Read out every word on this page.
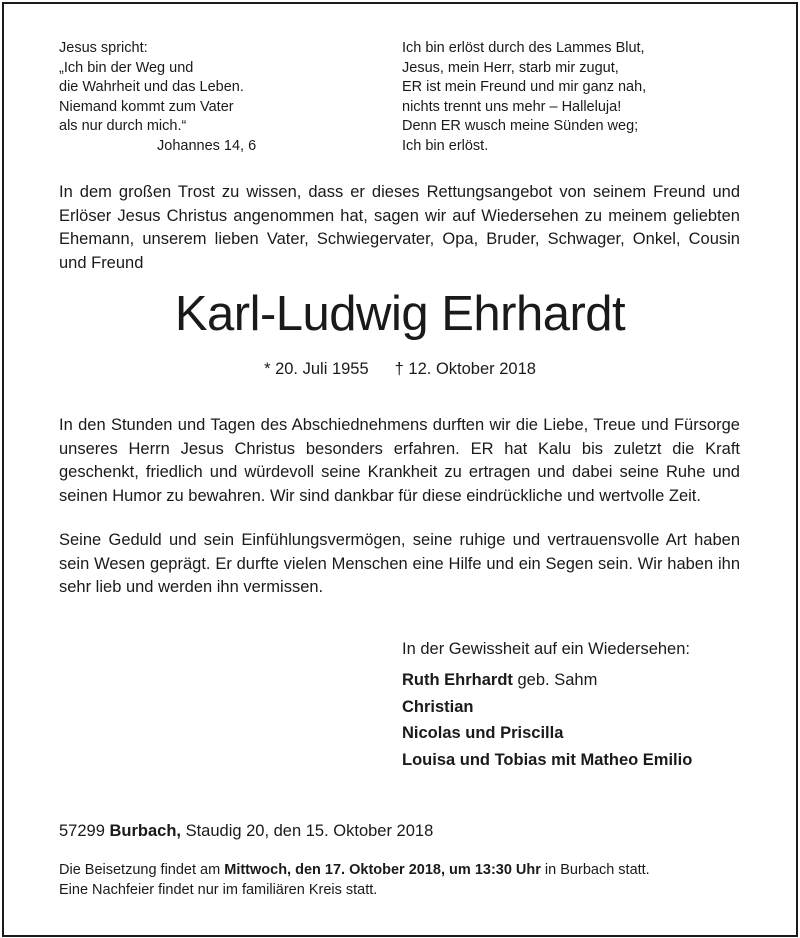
Jesus spricht:
„Ich bin der Weg und
die Wahrheit und das Leben.
Niemand kommt zum Vater
als nur durch mich.“
Johannes 14, 6
Ich bin erlöst durch des Lammes Blut,
Jesus, mein Herr, starb mir zugut,
ER ist mein Freund und mir ganz nah,
nichts trennt uns mehr – Halleluja!
Denn ER wusch meine Sünden weg;
Ich bin erlöst.
In dem großen Trost zu wissen, dass er dieses Rettungsangebot von seinem Freund und Erlöser Jesus Christus angenommen hat, sagen wir auf Wiedersehen zu meinem geliebten Ehemann, unserem lieben Vater, Schwiegervater, Opa, Bruder, Schwager, Onkel, Cousin und Freund
Karl-Ludwig Ehrhardt
* 20. Juli 1955 † 12. Oktober 2018
In den Stunden und Tagen des Abschiednehmens durften wir die Liebe, Treue und Fürsorge unseres Herrn Jesus Christus besonders erfahren. ER hat Kalu bis zuletzt die Kraft geschenkt, friedlich und würdevoll seine Krankheit zu ertragen und dabei seine Ruhe und seinen Humor zu bewahren. Wir sind dankbar für diese eindrückliche und wertvolle Zeit.
Seine Geduld und sein Einfühlungsvermögen, seine ruhige und vertrauensvolle Art haben sein Wesen geprägt. Er durfte vielen Menschen eine Hilfe und ein Segen sein. Wir haben ihn sehr lieb und werden ihn vermissen.
In der Gewissheit auf ein Wiedersehen:
Ruth Ehrhardt geb. Sahm
Christian
Nicolas und Priscilla
Louisa und Tobias mit Matheo Emilio
57299 Burbach, Staudig 20, den 15. Oktober 2018
Die Beisetzung findet am Mittwoch, den 17. Oktober 2018, um 13:30 Uhr in Burbach statt.
Eine Nachfeier findet nur im familiären Kreis statt.
